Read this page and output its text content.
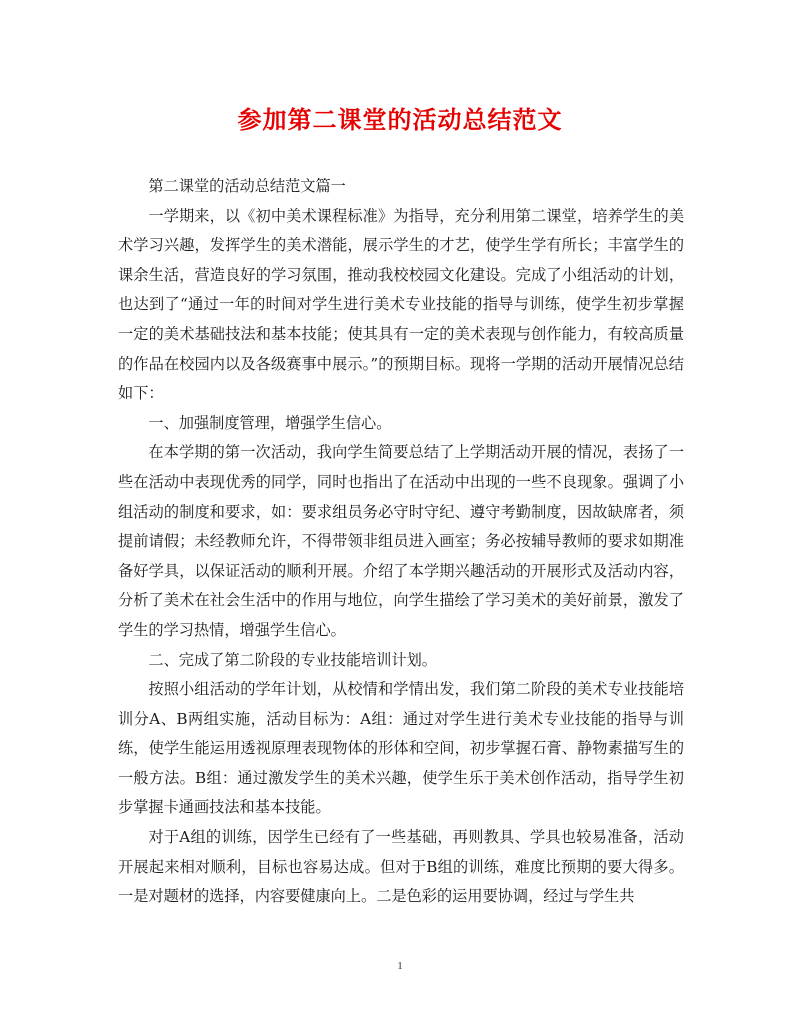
参加第二课堂的活动总结范文

第二课堂的活动总结范文篇一

一学期来，以《初中美术课程标准》为指导，充分利用第二课堂，培养学生的美术学习兴趣，发挥学生的美术潜能，展示学生的才艺，使学生学有所长；丰富学生的课余生活，营造良好的学习氛围，推动我校校园文化建设。完成了小组活动的计划，也达到了“通过一年的时间对学生进行美术专业技能的指导与训练，使学生初步掌握一定的美术基础技法和基本技能；使其具有一定的美术表现与创作能力，有较高质量的作品在校园内以及各级赛事中展示。”的预期目标。现将一学期的活动开展情况总结如下：

一、加强制度管理，增强学生信心。

在本学期的第一次活动，我向学生简要总结了上学期活动开展的情况，表扬了一些在活动中表现优秀的同学，同时也指出了在活动中出现的一些不良现象。强调了小组活动的制度和要求，如：要求组员务必守时守纪、遵守考勤制度，因故缺席者，须提前请假；未经教师允许，不得带领非组员进入画室；务必按辅导教师的要求如期准备好学具，以保证活动的顺利开展。介绍了本学期兴趣活动的开展形式及活动内容，分析了美术在社会生活中的作用与地位，向学生描绘了学习美术的美好前景，激发了学生的学习热情，增强学生信心。

二、完成了第二阶段的专业技能培训计划。

按照小组活动的学年计划，从校情和学情出发，我们第二阶段的美术专业技能培训分A、B两组实施，活动目标为：A组：通过对学生进行美术专业技能的指导与训练，使学生能运用透视原理表现物体的形体和空间，初步掌握石膏、静物素描写生的一般方法。B组：通过激发学生的美术兴趣，使学生乐于美术创作活动，指导学生初步掌握卡通画技法和基本技能。

对于A组的训练，因学生已经有了一些基础，再则教具、学具也较易准备，活动开展起来相对顺利，目标也容易达成。但对于B组的训练，难度比预期的要大得多。一是对题材的选择，内容要健康向上。二是色彩的运用要协调，经过与学生共

1
